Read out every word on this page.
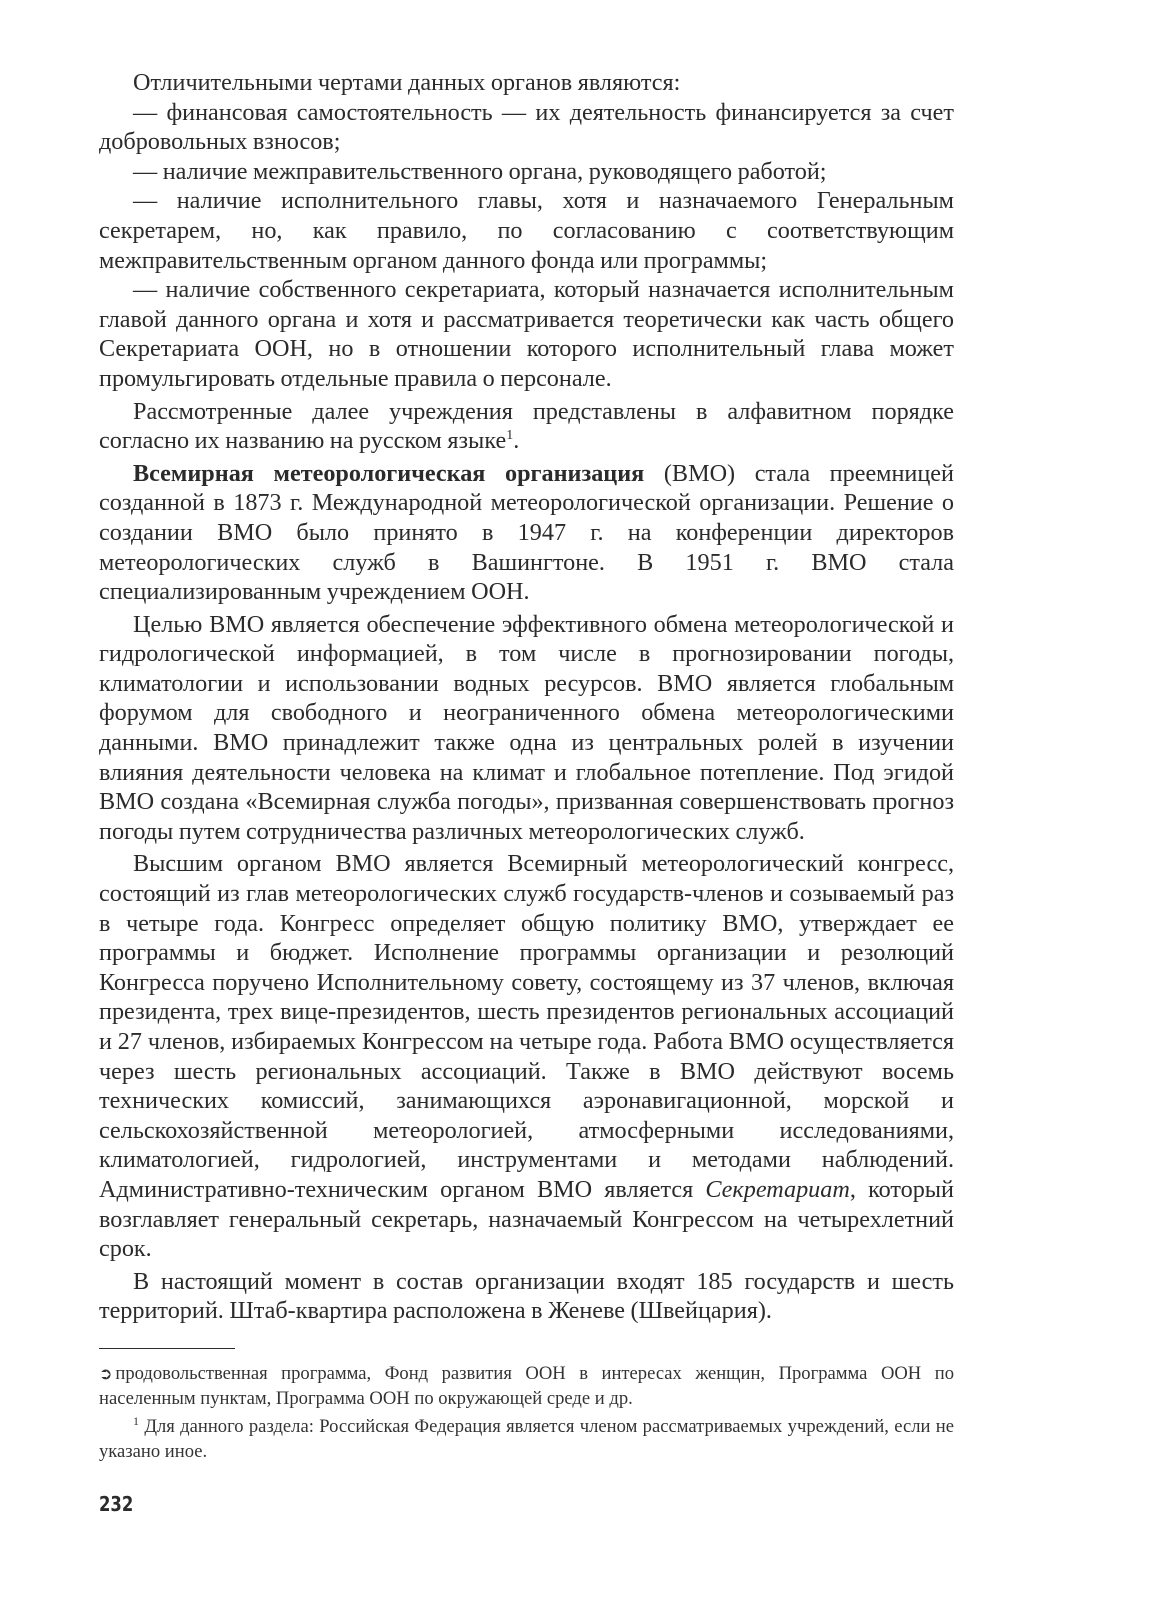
Отличительными чертами данных органов являются:

— финансовая самостоятельность — их деятельность финансируется за счет добровольных взносов;

— наличие межправительственного органа, руководящего работой;

— наличие исполнительного главы, хотя и назначаемого Генеральным секретарем, но, как правило, по согласованию с соответствующим межправительственным органом данного фонда или программы;

— наличие собственного секретариата, который назначается исполнительным главой данного органа и хотя и рассматривается теоретически как часть общего Секретариата ООН, но в отношении которого исполнительный глава может промульгировать отдельные правила о персонале.

Рассмотренные далее учреждения представлены в алфавитном порядке согласно их названию на русском языке$^1$.

Всемирная метеорологическая организация (ВМО) стала преемницей созданной в 1873 г. Международной метеорологической организации. Решение о создании ВМО было принято в 1947 г. на конференции директоров метеорологических служб в Вашингтоне. В 1951 г. ВМО стала специализированным учреждением ООН.

Целью ВМО является обеспечение эффективного обмена метеорологической и гидрологической информацией, в том числе в прогнозировании погоды, климатологии и использовании водных ресурсов. ВМО является глобальным форумом для свободного и неограниченного обмена метеорологическими данными. ВМО принадлежит также одна из центральных ролей в изучении влияния деятельности человека на климат и глобальное потепление. Под эгидой ВМО создана «Всемирная служба погоды», призванная совершенствовать прогноз погоды путем сотрудничества различных метеорологических служб.

Высшим органом ВМО является Всемирный метеорологический конгресс, состоящий из глав метеорологических служб государств-членов и созываемый раз в четыре года. Конгресс определяет общую политику ВМО, утверждает ее программы и бюджет. Исполнение программы организации и резолюций Конгресса поручено Исполнительному совету, состоящему из 37 членов, включая президента, трех вице-президентов, шесть президентов региональных ассоциаций и 27 членов, избираемых Конгрессом на четыре года. Работа ВМО осуществляется через шесть региональных ассоциаций. Также в ВМО действуют восемь технических комиссий, занимающихся аэронавигационной, морской и сельскохозяйственной метеорологией, атмосферными исследованиями, климатологией, гидрологией, инструментами и методами наблюдений. Административно-техническим органом ВМО является Секретариат, который возглавляет генеральный секретарь, назначаемый Конгрессом на четырехлетний срок.

В настоящий момент в состав организации входят 185 государств и шесть территорий. Штаб-квартира расположена в Женеве (Швейцария).

➲ продовольственная программа, Фонд развития ООН в интересах женщин, Программа ООН по населенным пунктам, Программа ООН по окружающей среде и др.

$^1$ Для данного раздела: Российская Федерация является членом рассматриваемых учреждений, если не указано иное.

232
